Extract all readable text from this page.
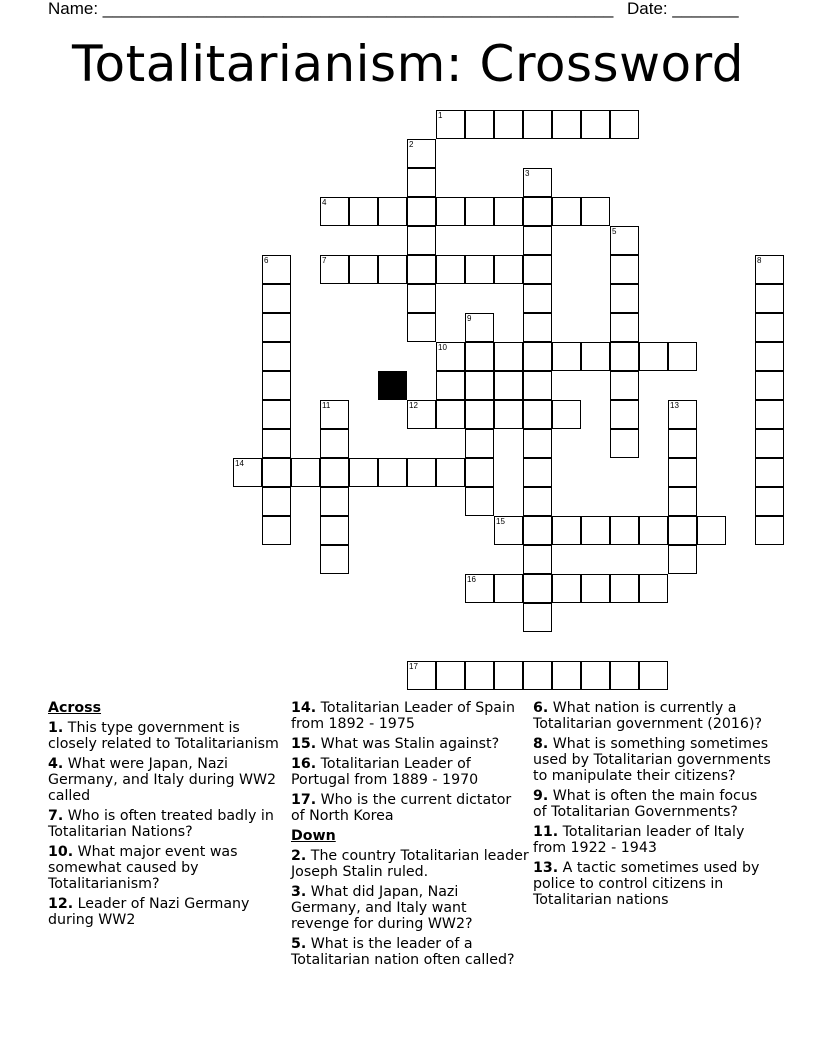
Name: ______________________________________________________ Date: _______
Totalitarianism: Crossword
1
2
3
4
5
6	7	8
9
10
11	12	13
14
15
16
17
Across
1. This type government is closely related to Totalitarianism
4. What were Japan, Nazi Germany, and Italy during WW2 called
7. Who is often treated badly in Totalitarian Nations?
10. What major event was somewhat caused by Totalitarianism?
12. Leader of Nazi Germany during WW2
14. Totalitarian Leader of Spain from 1892 - 1975
15. What was Stalin against?
16. Totalitarian Leader of Portugal from 1889 - 1970
17. Who is the current dictator of North Korea
Down
2. The country Totalitarian leader Joseph Stalin ruled.
3. What did Japan, Nazi Germany, and Italy want revenge for during WW2?
5. What is the leader of a Totalitarian nation often called?
6. What nation is currently a Totalitarian government (2016)?
8. What is something sometimes used by Totalitarian governments to manipulate their citizens?
9. What is often the main focus of Totalitarian Governments?
11. Totalitarian leader of Italy from 1922 - 1943
13. A tactic sometimes used by police to control citizens in Totalitarian nations
